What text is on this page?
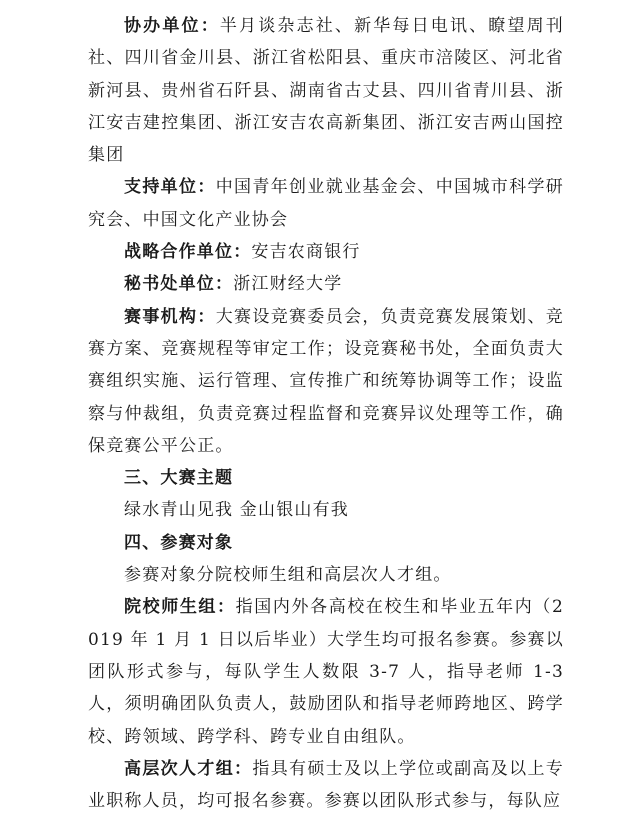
协办单位：半月谈杂志社、新华每日电讯、瞭望周刊社、四川省金川县、浙江省松阳县、重庆市涪陵区、河北省新河县、贵州省石阡县、湖南省古丈县、四川省青川县、浙江安吉建控集团、浙江安吉农高新集团、浙江安吉两山国控集团

支持单位：中国青年创业就业基金会、中国城市科学研究会、中国文化产业协会

战略合作单位：安吉农商银行

秘书处单位：浙江财经大学

赛事机构：大赛设竞赛委员会，负责竞赛发展策划、竞赛方案、竞赛规程等审定工作；设竞赛秘书处，全面负责大赛组织实施、运行管理、宣传推广和统筹协调等工作；设监察与仲裁组，负责竞赛过程监督和竞赛异议处理等工作，确保竞赛公平公正。

三、大赛主题

绿水青山见我 金山银山有我

四、参赛对象

参赛对象分院校师生组和高层次人才组。

院校师生组：指国内外各高校在校生和毕业五年内（2019 年 1 月 1 日以后毕业）大学生均可报名参赛。参赛以团队形式参与，每队学生人数限 3-7 人，指导老师 1-3 人，须明确团队负责人，鼓励团队和指导老师跨地区、跨学校、跨领域、跨学科、跨专业自由组队。

高层次人才组：指具有硕士及以上学位或副高及以上专业职称人员，均可报名参赛。参赛以团队形式参与，每队应
